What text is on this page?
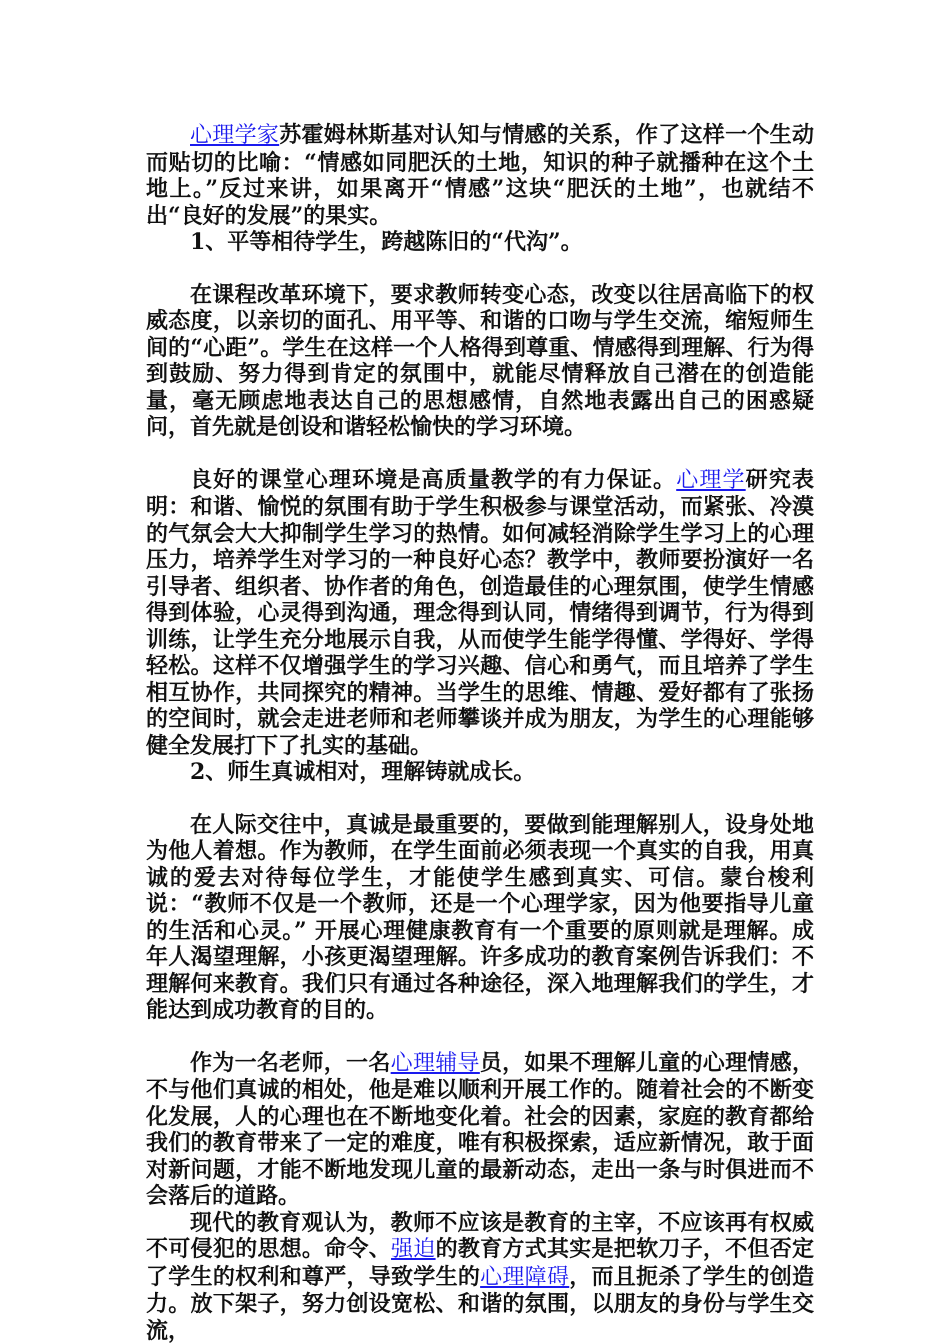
心理学家苏霍姆林斯基对认知与情感的关系，作了这样一个生动而贴切的比喻：“情感如同肥沃的土地，知识的种子就播种在这个土地上。”反过来讲，如果离开“情感”这块“肥沃的土地”，也就结不出“良好的发展”的果实。

1、平等相待学生，跨越陈旧的“代沟”。

在课程改革环境下，要求教师转变心态，改变以往居高临下的权威态度，以亲切的面孔、用平等、和谐的口吻与学生交流，缩短师生间的“心距”。学生在这样一个人格得到尊重、情感得到理解、行为得到鼓励、努力得到肯定的氛围中，就能尽情释放自己潜在的创造能量，毫无顾虑地表达自己的思想感情，自然地表露出自己的困惑疑问，首先就是创设和谐轻松愉快的学习环境。

良好的课堂心理环境是高质量教学的有力保证。心理学研究表明：和谐、愉悦的氛围有助于学生积极参与课堂活动，而紧张、冷漠的气氛会大大抑制学生学习的热情。如何减轻消除学生学习上的心理压力，培养学生对学习的一种良好心态？教学中，教师要扮演好一名引导者、组织者、协作者的角色，创造最佳的心理氛围，使学生情感得到体验，心灵得到沟通，理念得到认同，情绪得到调节，行为得到训练，让学生充分地展示自我，从而使学生能学得懂、学得好、学得轻松。这样不仅增强学生的学习兴趣、信心和勇气，而且培养了学生相互协作，共同探究的精神。当学生的思维、情趣、爱好都有了张扬的空间时，就会走进老师和老师攀谈并成为朋友，为学生的心理能够健全发展打下了扎实的基础。

2、师生真诚相对，理解铸就成长。

在人际交往中，真诚是最重要的，要做到能理解别人，设身处地为他人着想。作为教师，在学生面前必须表现一个真实的自我，用真诚的爱去对待每位学生，才能使学生感到真实、可信。蒙台梭利说：“教师不仅是一个教师，还是一个心理学家，因为他要指导儿童的生活和心灵。” 开展心理健康教育有一个重要的原则就是理解。成年人渴望理解，小孩更渴望理解。许多成功的教育案例告诉我们：不理解何来教育。我们只有通过各种途径，深入地理解我们的学生，才能达到成功教育的目的。

作为一名老师，一名心理辅导员，如果不理解儿童的心理情感，不与他们真诚的相处，他是难以顺利开展工作的。随着社会的不断变化发展，人的心理也在不断地变化着。社会的因素，家庭的教育都给我们的教育带来了一定的难度，唯有积极探索，适应新情况，敢于面对新问题，才能不断地发现儿童的最新动态，走出一条与时俱进而不会落后的道路。

现代的教育观认为，教师不应该是教育的主宰，不应该再有权威不可侵犯的思想。命令、强迫的教育方式其实是把软刀子，不但否定了学生的权利和尊严，导致学生的心理障碍，而且扼杀了学生的创造力。放下架子，努力创设宽松、和谐的氛围，以朋友的身份与学生交流，
